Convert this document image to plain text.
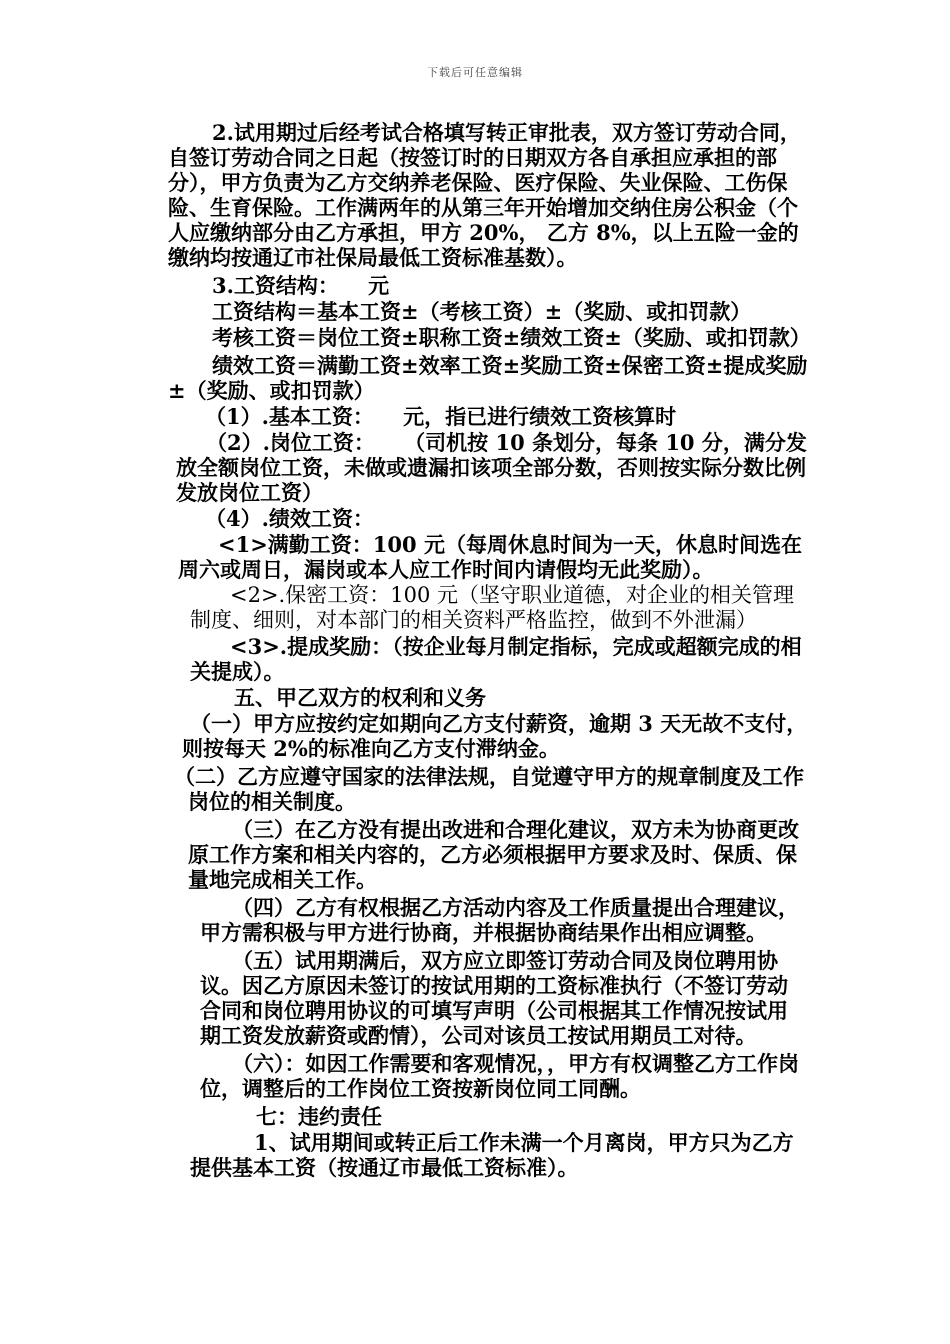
下载后可任意编辑

2.试用期过后经考试合格填写转正审批表，双方签订劳动合同，自签订劳动合同之日起（按签订时的日期双方各自承担应承担的部分），甲方负责为乙方交纳养老保险、医疗保险、失业保险、工伤保险、生育保险。工作满两年的从第三年开始增加交纳住房公积金（个人应缴纳部分由乙方承担，甲方 20%， 乙方 8%，以上五险一金的缴纳均按通辽市社保局最低工资标准基数）。

3.工资结构：    元

工资结构＝基本工资±（考核工资）±（奖励、或扣罚款）

考核工资＝岗位工资±职称工资±绩效工资±（奖励、或扣罚款）

绩效工资＝满勤工资±效率工资±奖励工资±保密工资±提成奖励±（奖励、或扣罚款）

（1）.基本工资：    元，指已进行绩效工资核算时

（2）.岗位工资：    （司机按 10 条划分，每条 10 分，满分发放全额岗位工资，未做或遗漏扣该项全部分数，否则按实际分数比例发放岗位工资）

（4）.绩效工资：

<1>满勤工资：100 元（每周休息时间为一天，休息时间选在周六或周日，漏岗或本人应工作时间内请假均无此奖励）。

<2>.保密工资：100 元（坚守职业道德，对企业的相关管理制度、细则，对本部门的相关资料严格监控，做到不外泄漏）

<3>.提成奖励：（按企业每月制定指标，完成或超额完成的相关提成）。

五、甲乙双方的权利和义务

（一）甲方应按约定如期向乙方支付薪资，逾期 3 天无故不支付，则按每天 2%的标准向乙方支付滞纳金。

（二）乙方应遵守国家的法律法规，自觉遵守甲方的规章制度及工作岗位的相关制度。

（三）在乙方没有提出改进和合理化建议，双方未为协商更改原工作方案和相关内容的，乙方必须根据甲方要求及时、保质、保量地完成相关工作。

（四）乙方有权根据乙方活动内容及工作质量提出合理建议，甲方需积极与甲方进行协商，并根据协商结果作出相应调整。

（五）试用期满后，双方应立即签订劳动合同及岗位聘用协议。因乙方原因未签订的按试用期的工资标准执行（不签订劳动合同和岗位聘用协议的可填写声明（公司根据其工作情况按试用期工资发放薪资或酌情），公司对该员工按试用期员工对待。

（六）：如因工作需要和客观情况，，甲方有权调整乙方工作岗位，调整后的工作岗位工资按新岗位同工同酬。

七：违约责任

1、试用期间或转正后工作未满一个月离岗，甲方只为乙方提供基本工资（按通辽市最低工资标准）。
